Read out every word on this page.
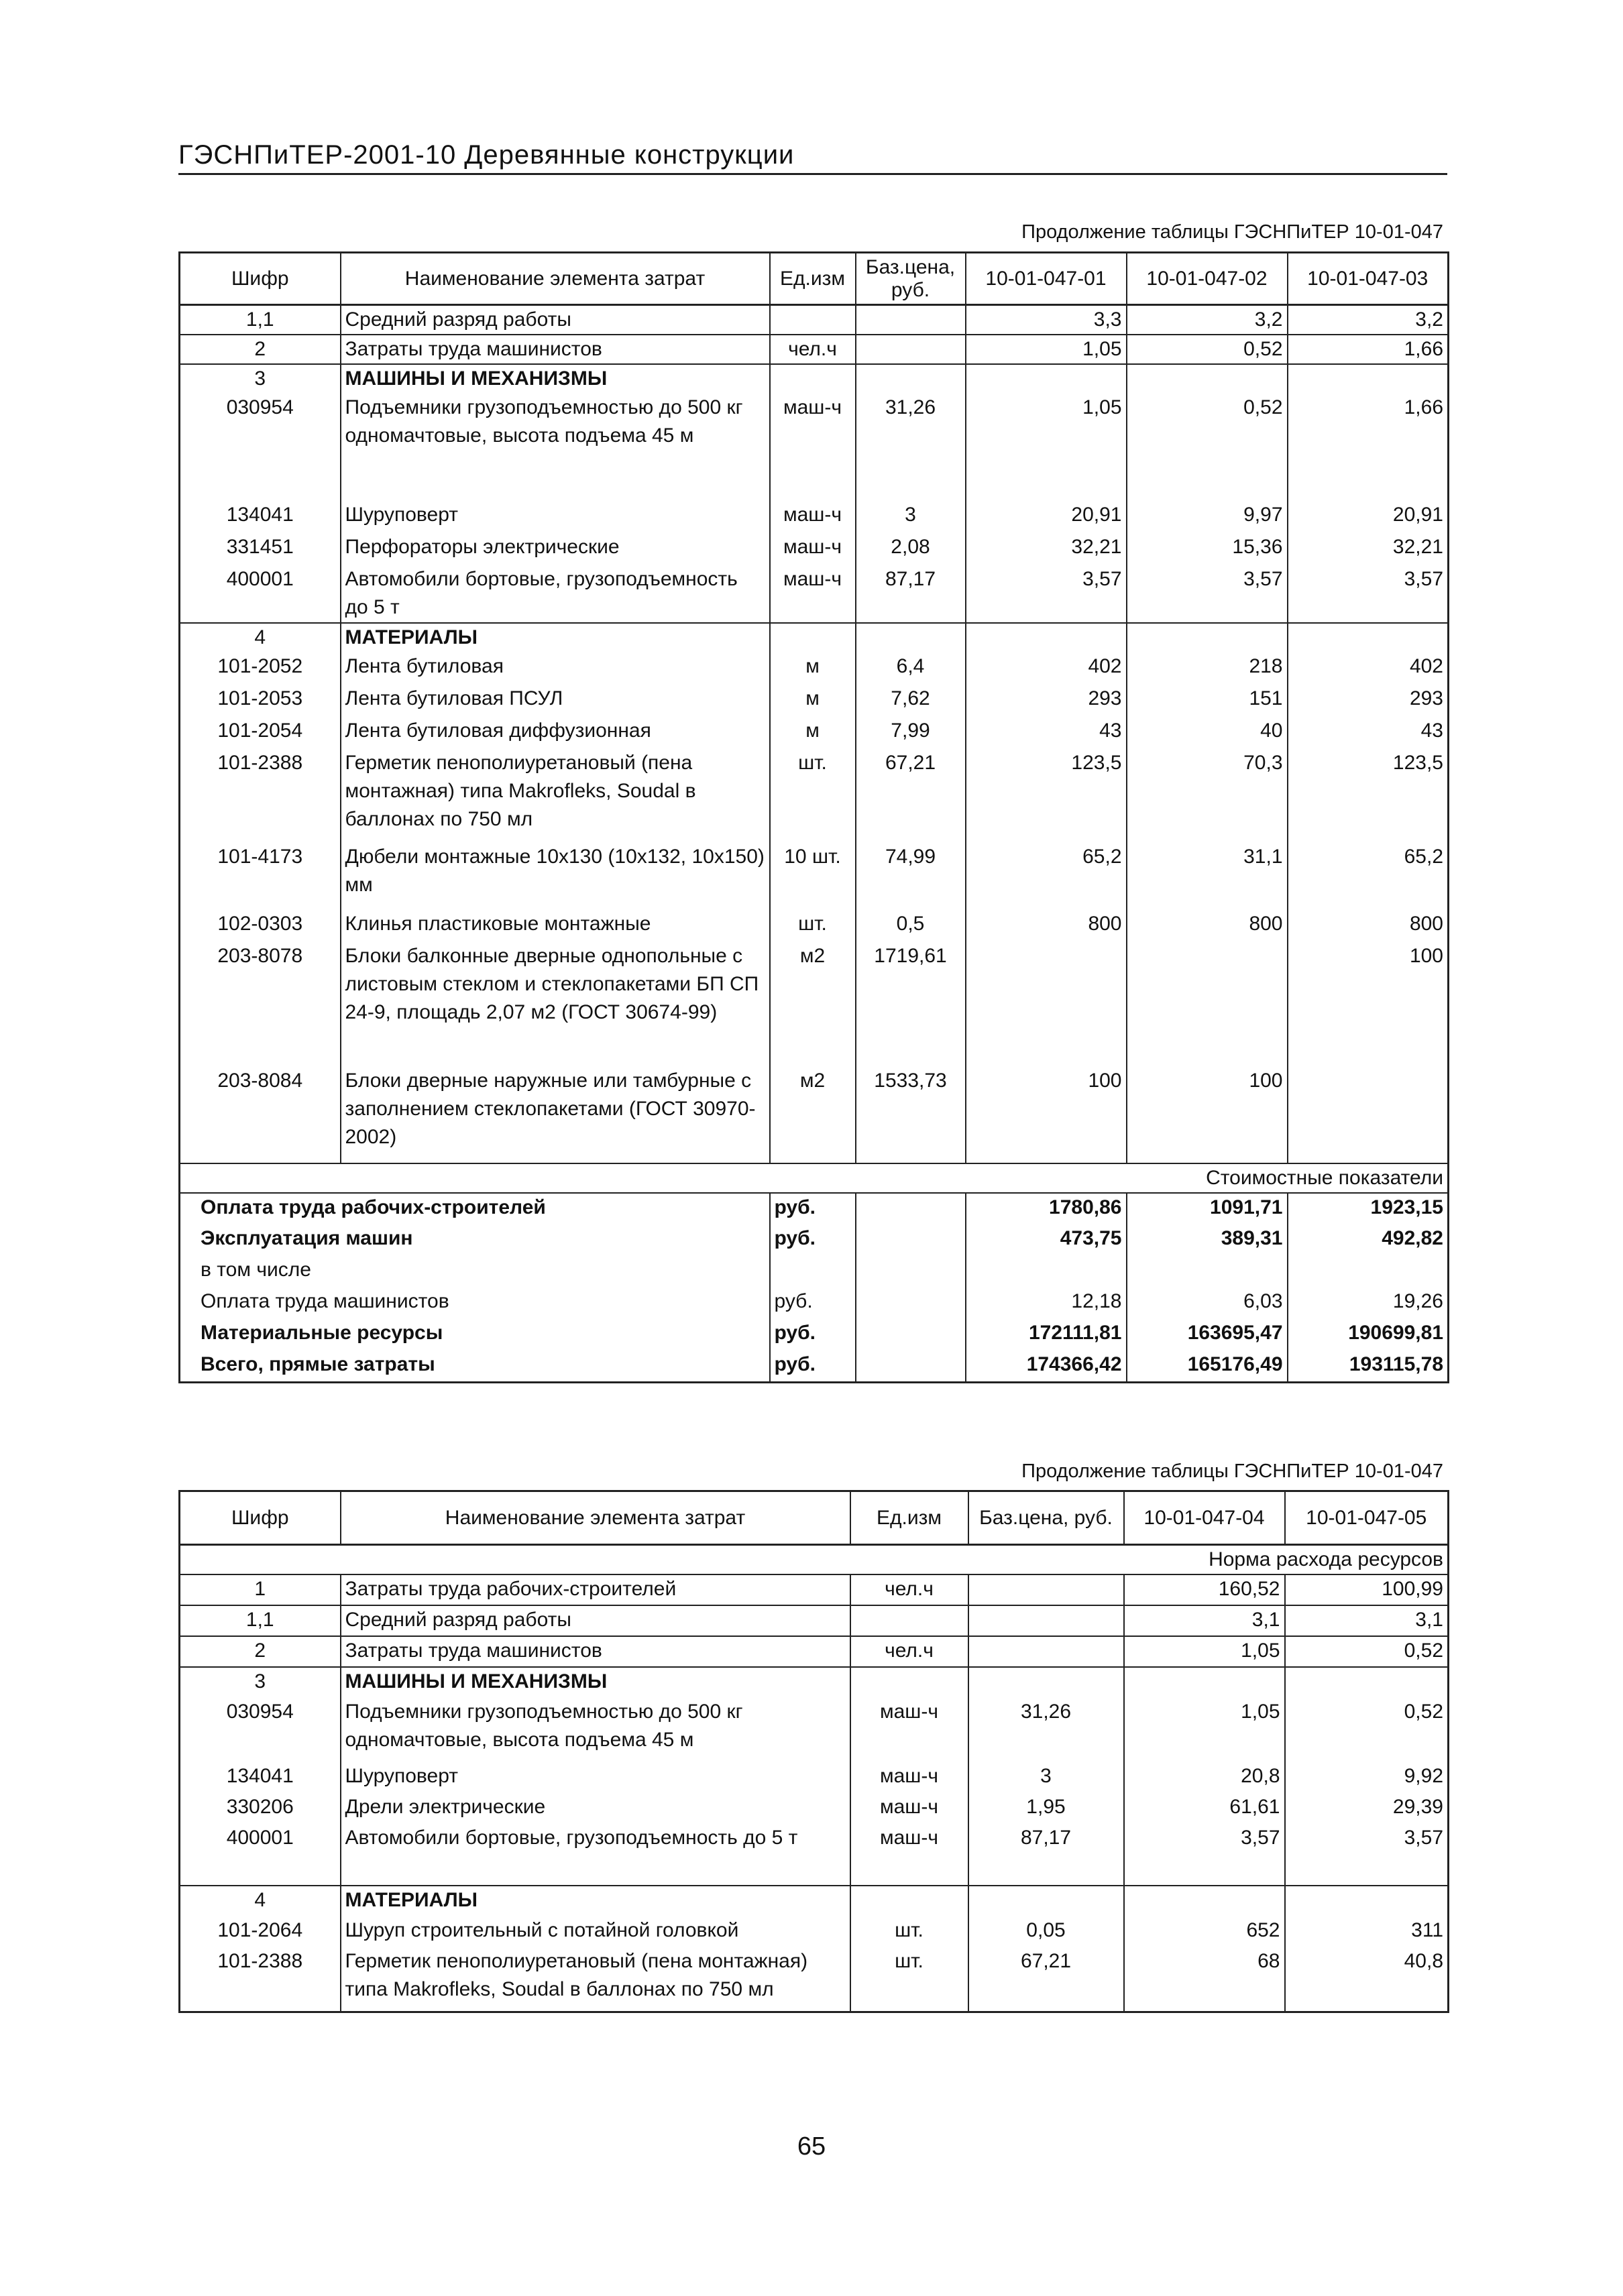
ГЭСНПиТЕР-2001-10 Деревянные конструкции
Продолжение таблицы ГЭСНПиТЕР 10-01-047
Шифр	Наименование элемента затрат	Ед.изм	Баз.цена, руб.	10-01-047-01	10-01-047-02	10-01-047-03
1,1	Средний разряд работы			3,3	3,2	3,2
2	Затраты труда машинистов	чел.ч		1,05	0,52	1,66
3	МАШИНЫ И МЕХАНИЗМЫ					
030954	Подъемники грузоподъемностью до 500 кг одномачтовые, высота подъема 45 м	маш-ч	31,26	1,05	0,52	1,66
134041	Шуруповерт	маш-ч	3	20,91	9,97	20,91
331451	Перфораторы электрические	маш-ч	2,08	32,21	15,36	32,21
400001	Автомобили бортовые, грузоподъемность до 5 т	маш-ч	87,17	3,57	3,57	3,57
4	МАТЕРИАЛЫ					
101-2052	Лента бутиловая	м	6,4	402	218	402
101-2053	Лента бутиловая ПСУЛ	м	7,62	293	151	293
101-2054	Лента бутиловая диффузионная	м	7,99	43	40	43
101-2388	Герметик пенополиуретановый (пена монтажная) типа Makrofleks, Soudal в баллонах по 750 мл	шт.	67,21	123,5	70,3	123,5
101-4173	Дюбели монтажные 10х130 (10х132, 10х150) мм	10 шт.	74,99	65,2	31,1	65,2
102-0303	Клинья пластиковые монтажные	шт.	0,5	800	800	800
203-8078	Блоки балконные дверные однопольные с листовым стеклом и стеклопакетами БП СП 24-9, площадь 2,07 м2 (ГОСТ 30674-99)	м2	1719,61			100
203-8084	Блоки дверные наружные или тамбурные с заполнением стеклопакетами (ГОСТ 30970-2002)	м2	1533,73	100	100	
Стоимостные показатели						
Оплата труда рабочих-строителей		руб.		1780,86	1091,71	1923,15
Эксплуатация машин		руб.		473,75	389,31	492,82
в том числе						
Оплата труда машинистов		руб.		12,18	6,03	19,26
Материальные ресурсы		руб.		172111,81	163695,47	190699,81
Всего, прямые затраты		руб.		174366,42	165176,49	193115,78
Продолжение таблицы ГЭСНПиТЕР 10-01-047
Шифр	Наименование элемента затрат	Ед.изм	Баз.цена, руб.	10-01-047-04	10-01-047-05
Норма расхода ресурсов					
1	Затраты труда рабочих-строителей	чел.ч		160,52	100,99
1,1	Средний разряд работы			3,1	3,1
2	Затраты труда машинистов	чел.ч		1,05	0,52
3	МАШИНЫ И МЕХАНИЗМЫ				
030954	Подъемники грузоподъемностью до 500 кг одномачтовые, высота подъема 45 м	маш-ч	31,26	1,05	0,52
134041	Шуруповерт	маш-ч	3	20,8	9,92
330206	Дрели электрические	маш-ч	1,95	61,61	29,39
400001	Автомобили бортовые, грузоподъемность до 5 т	маш-ч	87,17	3,57	3,57
4	МАТЕРИАЛЫ				
101-2064	Шуруп строительный с потайной головкой	шт.	0,05	652	311
101-2388	Герметик пенополиуретановый (пена монтажная) типа Makrofleks, Soudal в баллонах по 750 мл	шт.	67,21	68	40,8
65
